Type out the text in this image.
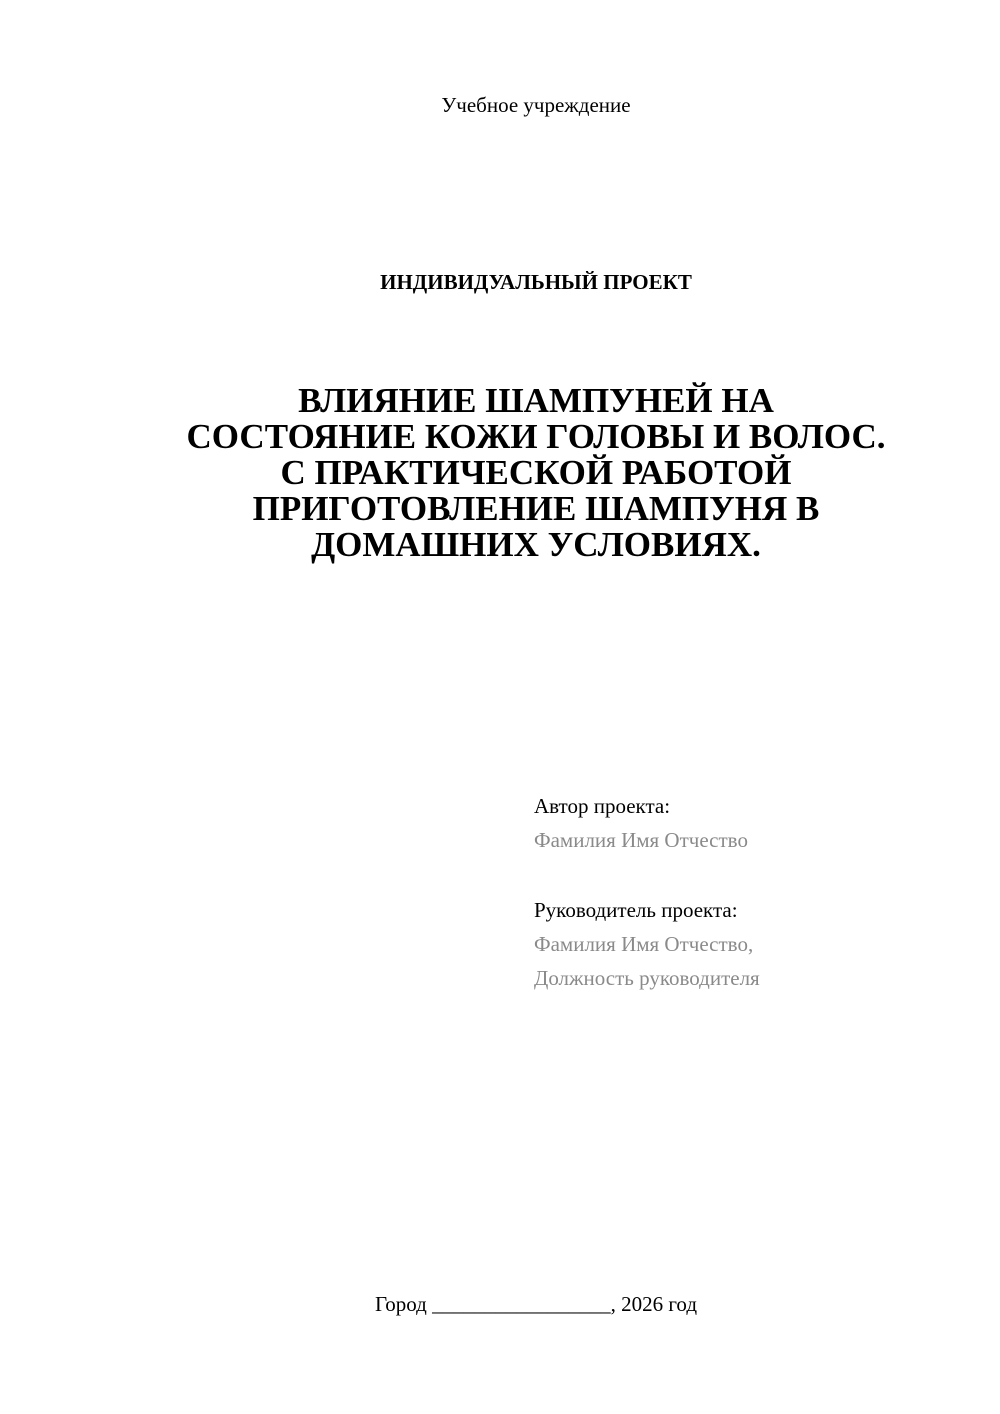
Учебное учреждение
ИНДИВИДУАЛЬНЫЙ ПРОЕКТ
ВЛИЯНИЕ ШАМПУНЕЙ НА
СОСТОЯНИЕ КОЖИ ГОЛОВЫ И ВОЛОС.
С ПРАКТИЧЕСКОЙ РАБОТОЙ
ПРИГОТОВЛЕНИЕ ШАМПУНЯ В
ДОМАШНИХ УСЛОВИЯХ.
Автор проекта:
Фамилия Имя Отчество
Руководитель проекта:
Фамилия Имя Отчество,
Должность руководителя
Город _________________, 2026 год
